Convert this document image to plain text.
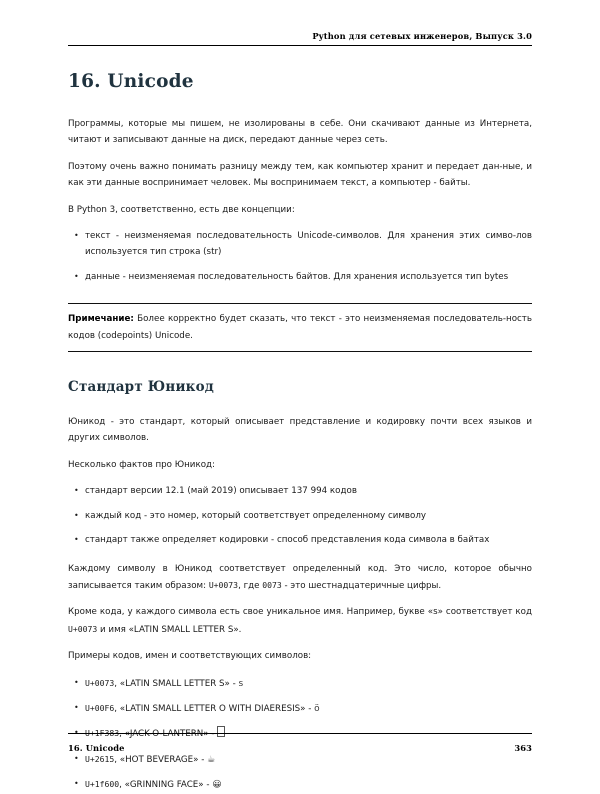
Python для сетевых инженеров, Выпуск 3.0
16. Unicode

Программы, которые мы пишем, не изолированы в себе. Они скачивают данные из Интернета, читают и записывают данные на диск, передают данные через сеть.

Поэтому очень важно понимать разницу между тем, как компьютер хранит и передает дан-ные, и как эти данные воспринимает человек. Мы воспринимаем текст, а компьютер - байты.

В Python 3, соответственно, есть две концепции:

• текст - неизменяемая последовательность Unicode-символов. Для хранения этих симво-лов используется тип строка (str)
• данные - неизменяемая последовательность байтов. Для хранения используется тип bytes

Примечание: Более корректно будет сказать, что текст - это неизменяемая последователь-ность кодов (codepoints) Unicode.

Стандарт Юникод

Юникод - это стандарт, который описывает представление и кодировку почти всех языков и других символов.

Несколько фактов про Юникод:

• стандарт версии 12.1 (май 2019) описывает 137 994 кодов
• каждый код - это номер, который соответствует определенному символу
• стандарт также определяет кодировки - способ представления кода символа в байтах

Каждому символу в Юникод соответствует определенный код. Это число, которое обычно записывается таким образом: U+0073, где 0073 - это шестнадцатеричные цифры.

Кроме кода, у каждого символа есть свое уникальное имя. Например, букве «s» соответствует код U+0073 и имя «LATIN SMALL LETTER S».

Примеры кодов, имен и соответствующих символов:

• U+0073, «LATIN SMALL LETTER S» - s
• U+00F6, «LATIN SMALL LETTER O WITH DIAERESIS» - ö
• U+1F383, «JACK-O-LANTERN» -
• U+2615, «HOT BEVERAGE» - ☕
• U+1f600, «GRINNING FACE» - 😀
16. Unicode	363
